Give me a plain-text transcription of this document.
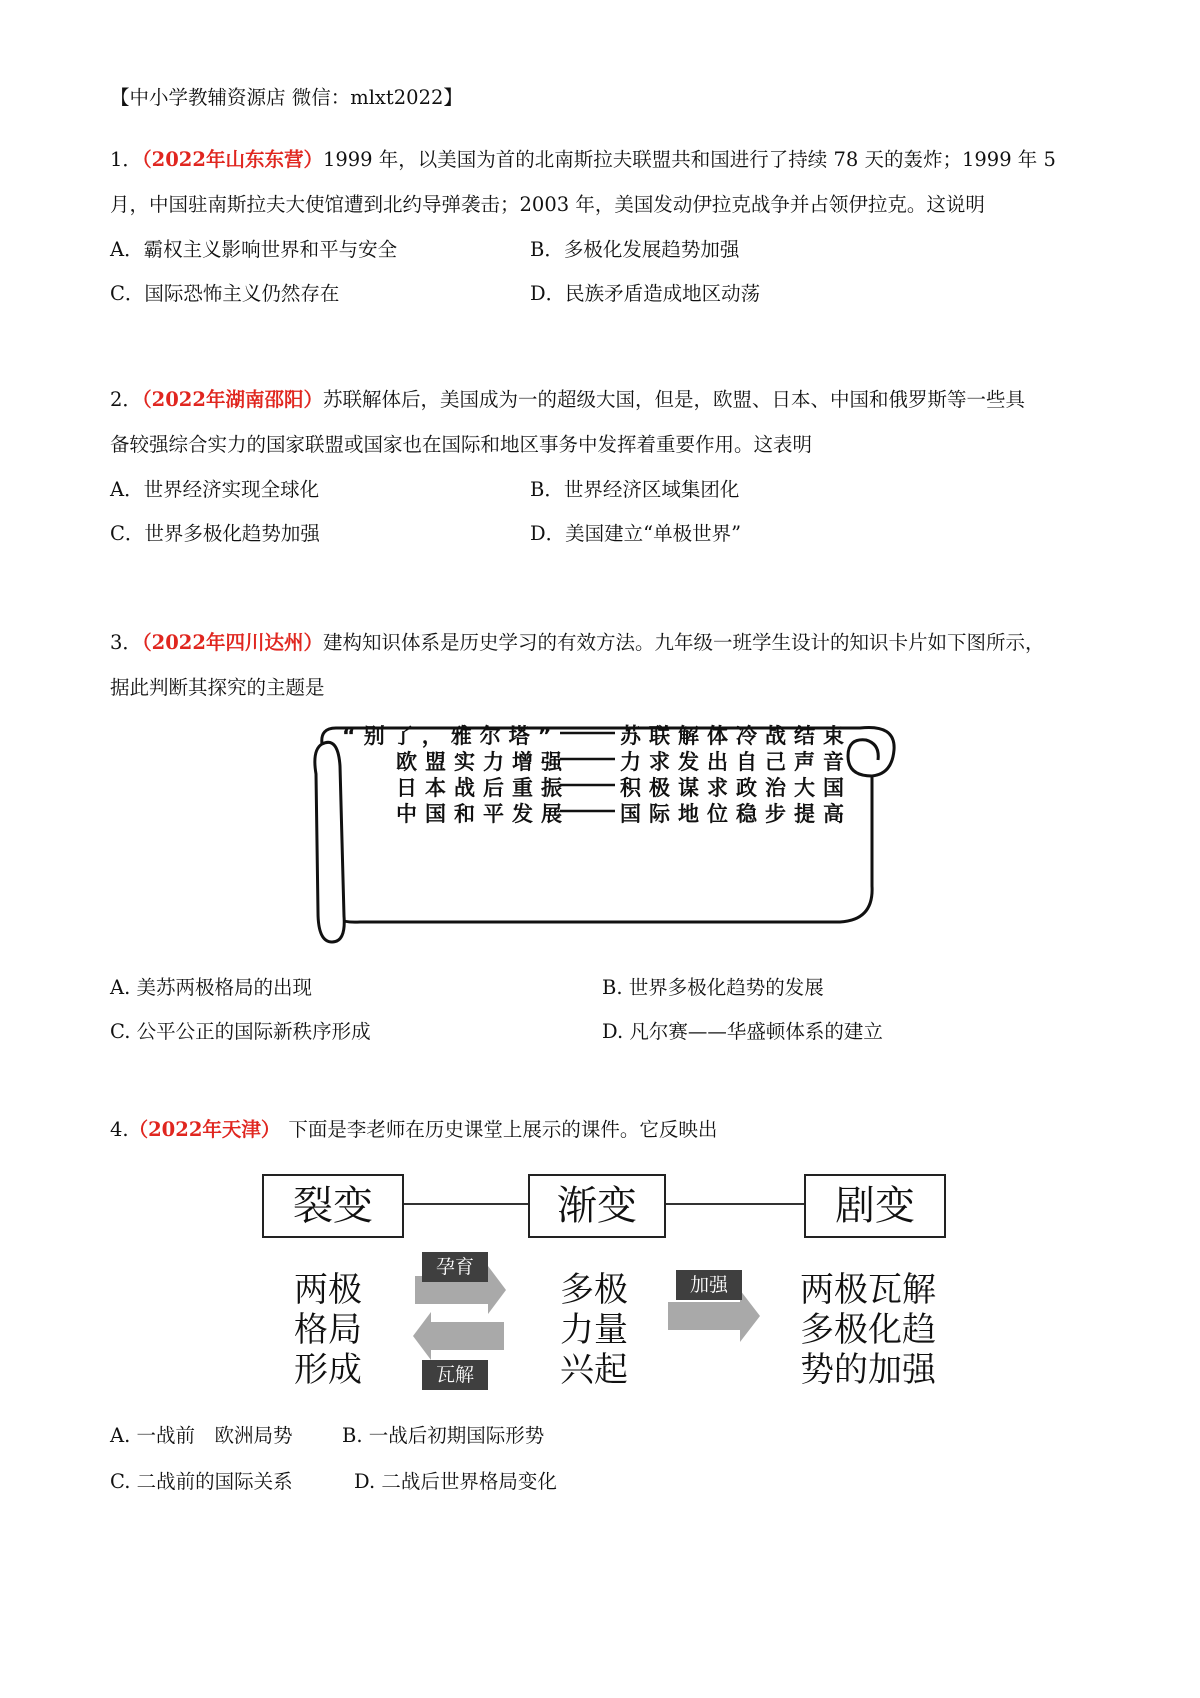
【中小学教辅资源店 微信：mlxt2022】
1．（2022年山东东营）1999 年，以美国为首的北南斯拉夫联盟共和国进行了持续 78 天的轰炸；1999 年 5
月，中国驻南斯拉夫大使馆遭到北约导弹袭击；2003 年，美国发动伊拉克战争并占领伊拉克。这说明
A．霸权主义影响世界和平与安全	B．多极化发展趋势加强
C．国际恐怖主义仍然存在	D．民族矛盾造成地区动荡
2．（2022年湖南邵阳）苏联解体后，美国成为一的超级大国，但是，欧盟、日本、中国和俄罗斯等一些具
备较强综合实力的国家联盟或国家也在国际和地区事务中发挥着重要作用。这表明
A．世界经济实现全球化	B．世界经济区域集团化
C．世界多极化趋势加强	D．美国建立“单极世界”
3．（2022年四川达州）建构知识体系是历史学习的有效方法。九年级一班学生设计的知识卡片如下图所示，
据此判断其探究的主题是
“别了，雅尔塔”	苏联解体冷战结束
欧盟实力增强 力求发出自己声音
日本战后重振 积极谋求政治大国
中国和平发展 国际地位稳步提高
A. 美苏两极格局的出现	B. 世界多极化趋势的发展
C. 公平公正的国际新秩序形成	D. 凡尔赛——华盛顿体系的建立
4.（2022年天津） 下面是李老师在历史课堂上展示的课件。它反映出
裂变	渐变	剧变
孕育
瓦解
加强
两极
格局
形成
多极
力量
兴起
两极瓦解
多极化趋
势的加强
A. 一战前　欧洲局势	B. 一战后初期国际形势
C. 二战前的国际关系	D. 二战后世界格局变化
